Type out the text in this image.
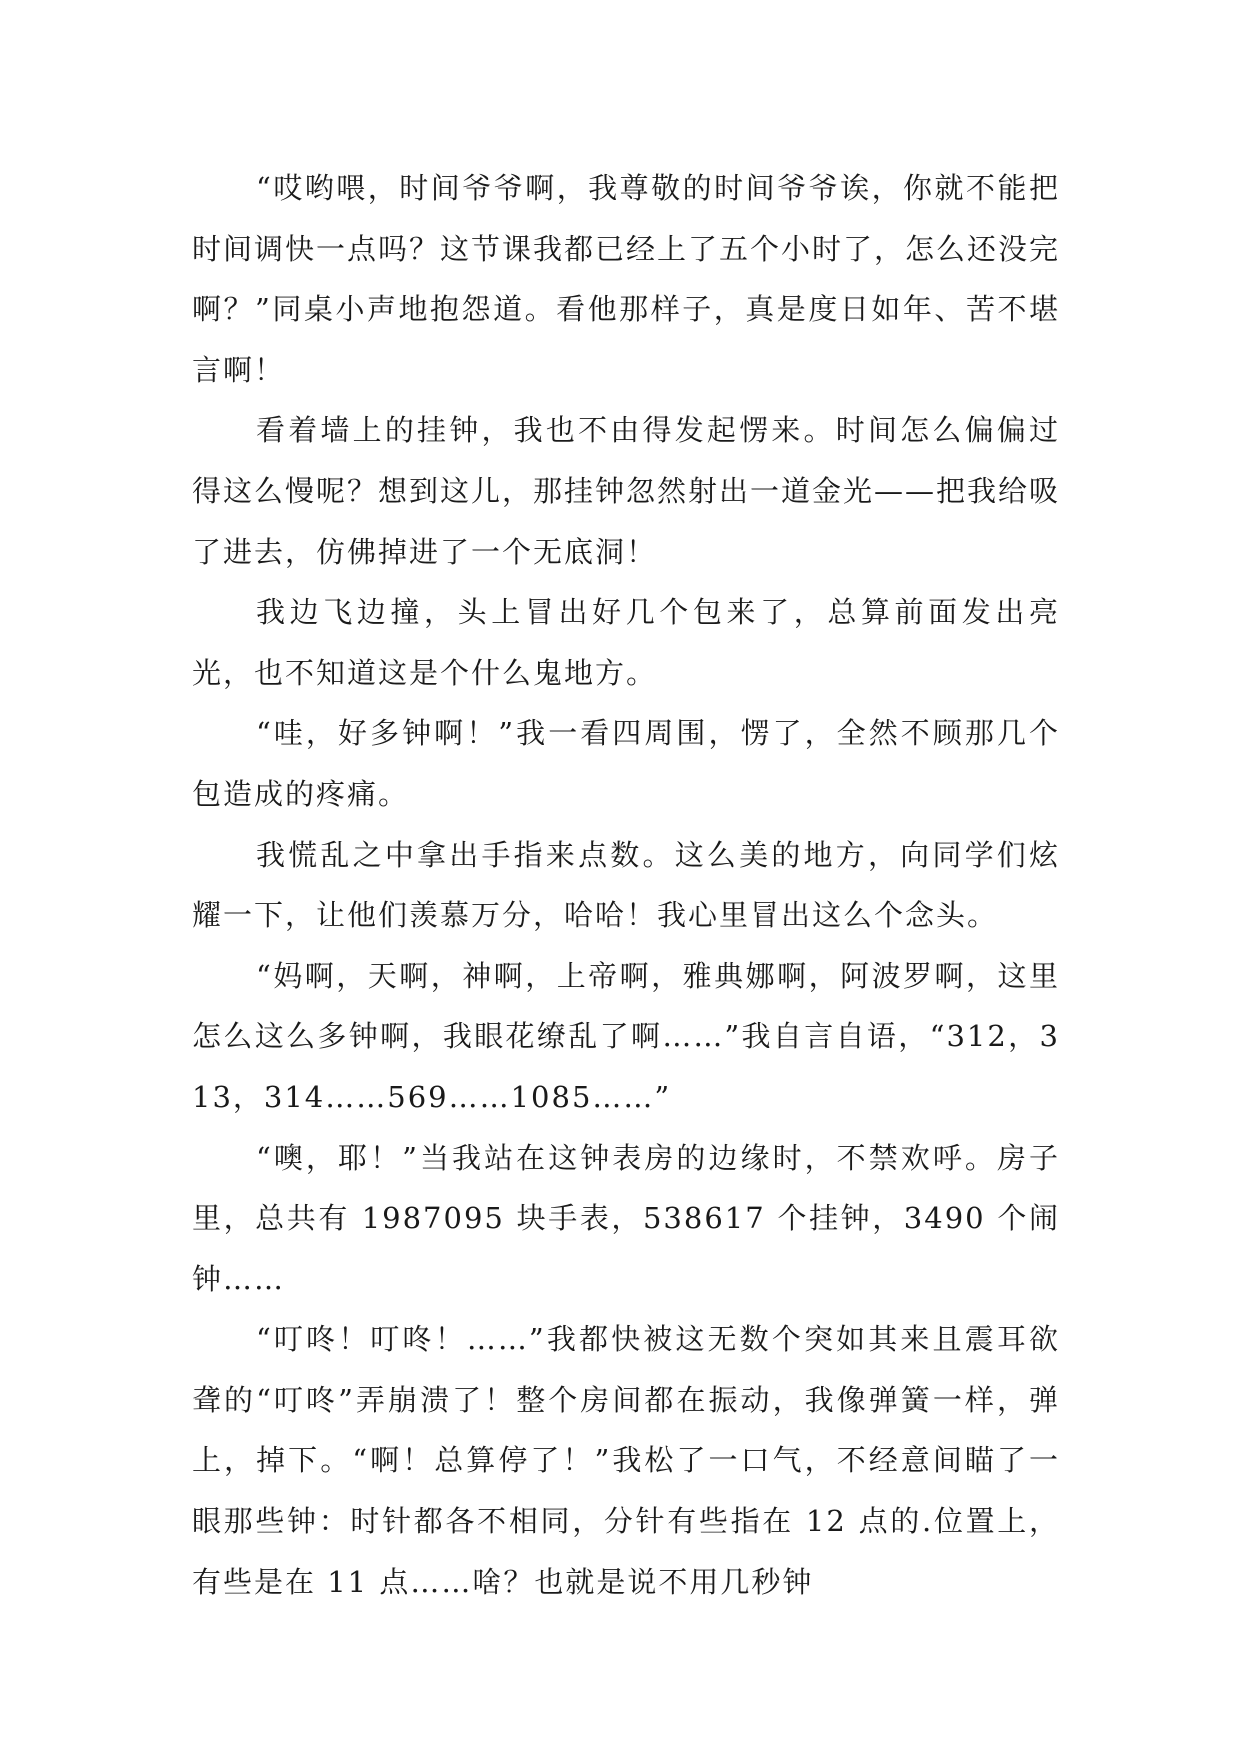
“哎哟喂，时间爷爷啊，我尊敬的时间爷爷诶，你就不能把时间调快一点吗？这节课我都已经上了五个小时了，怎么还没完啊？”同桌小声地抱怨道。看他那样子，真是度日如年、苦不堪言啊！

看着墙上的挂钟，我也不由得发起愣来。时间怎么偏偏过得这么慢呢？想到这儿，那挂钟忽然射出一道金光——把我给吸了进去，仿佛掉进了一个无底洞！

我边飞边撞，头上冒出好几个包来了，总算前面发出亮光，也不知道这是个什么鬼地方。

“哇，好多钟啊！”我一看四周围，愣了，全然不顾那几个包造成的疼痛。

我慌乱之中拿出手指来点数。这么美的地方，向同学们炫耀一下，让他们羡慕万分，哈哈！我心里冒出这么个念头。

“妈啊，天啊，神啊，上帝啊，雅典娜啊，阿波罗啊，这里怎么这么多钟啊，我眼花缭乱了啊……”我自言自语，“312，313，314……569……1085……”

“噢，耶！”当我站在这钟表房的边缘时，不禁欢呼。房子里，总共有 1987095 块手表，538617 个挂钟，3490 个闹钟……

“叮咚！叮咚！……”我都快被这无数个突如其来且震耳欲聋的“叮咚”弄崩溃了！整个房间都在振动，我像弹簧一样，弹上，掉下。“啊！总算停了！”我松了一口气，不经意间瞄了一眼那些钟：时针都各不相同，分针有些指在 12 点的.位置上，有些是在 11 点……啥？也就是说不用几秒钟
